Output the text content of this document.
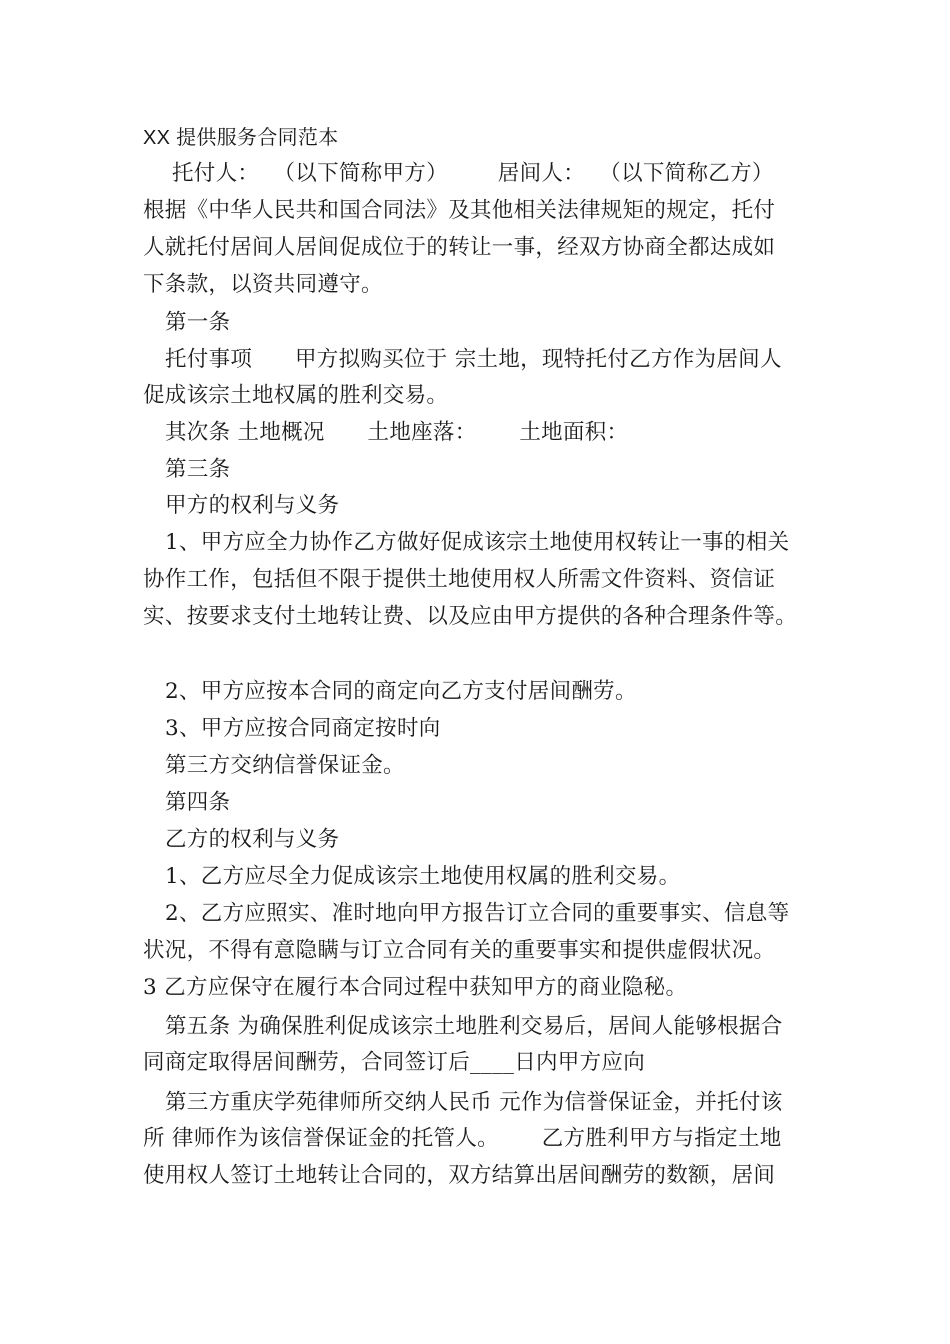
XX 提供服务合同范本
托付人：  （以下简称甲方）       居间人：  （以下简称乙方）
根据《中华人民共和国合同法》及其他相关法律规矩的规定，托付
人就托付居间人居间促成位于的转让一事，经双方协商全都达成如
下条款，以资共同遵守。
第一条
托付事项      甲方拟购买位于 宗土地，现特托付乙方作为居间人
促成该宗土地权属的胜利交易。
其次条 土地概况      土地座落：      土地面积：
第三条
甲方的权利与义务
1、甲方应全力协作乙方做好促成该宗土地使用权转让一事的相关
协作工作，包括但不限于提供土地使用权人所需文件资料、资信证
实、按要求支付土地转让费、以及应由甲方提供的各种合理条件等。
2、甲方应按本合同的商定向乙方支付居间酬劳。
3、甲方应按合同商定按时向
第三方交纳信誉保证金。
第四条
乙方的权利与义务
1、乙方应尽全力促成该宗土地使用权属的胜利交易。
2、乙方应照实、准时地向甲方报告订立合同的重要事实、信息等
状况，不得有意隐瞒与订立合同有关的重要事实和提供虚假状况。
3 乙方应保守在履行本合同过程中获知甲方的商业隐秘。
第五条 为确保胜利促成该宗土地胜利交易后，居间人能够根据合
同商定取得居间酬劳，合同签订后____日内甲方应向
第三方重庆学苑律师所交纳人民币 元作为信誉保证金，并托付该
所 律师作为该信誉保证金的托管人。      乙方胜利甲方与指定土地
使用权人签订土地转让合同的，双方结算出居间酬劳的数额，居间
